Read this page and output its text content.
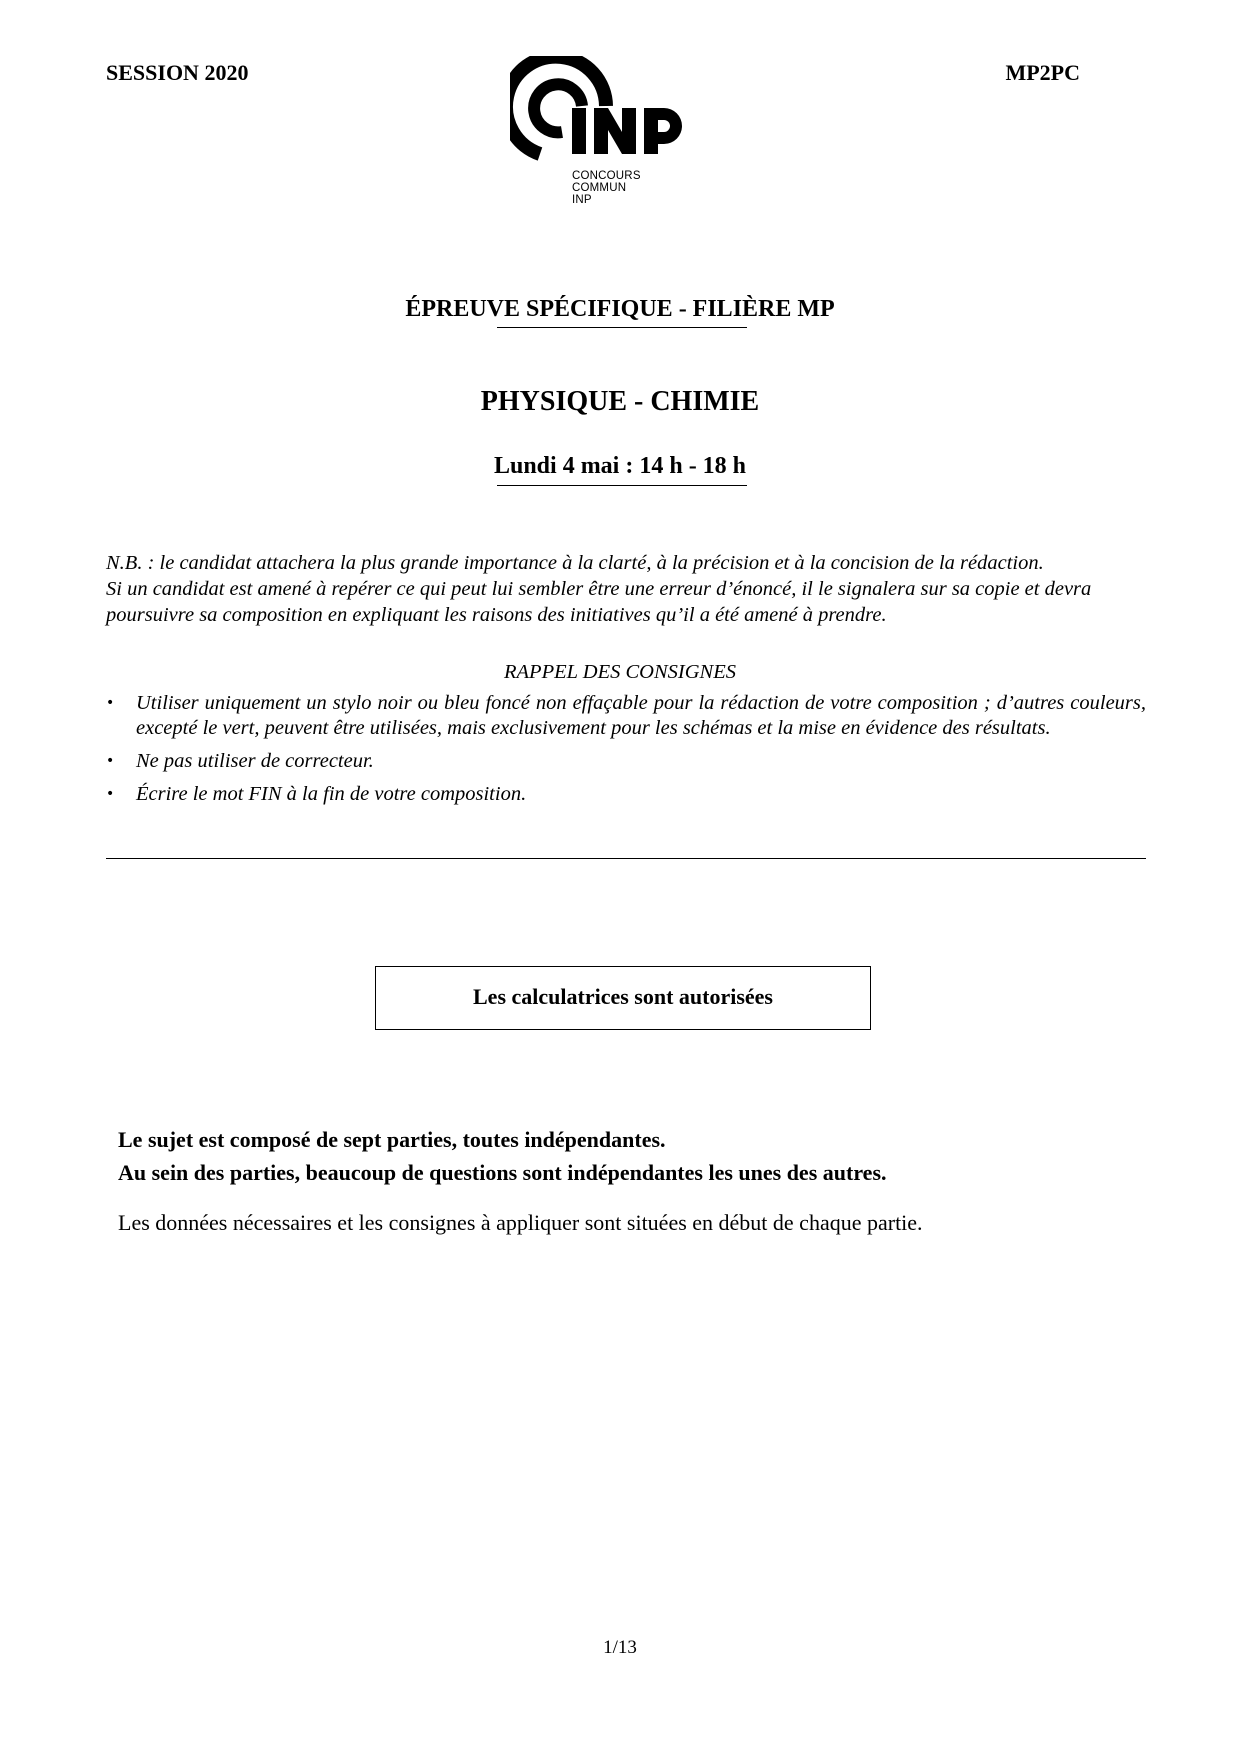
SESSION 2020	MP2PC
CONCOURS
COMMUN
INP
ÉPREUVE SPÉCIFIQUE - FILIÈRE MP
PHYSIQUE - CHIMIE
Lundi 4 mai : 14 h - 18 h

N.B. : le candidat attachera la plus grande importance à la clarté, à la précision et à la concision de la rédaction.

Si un candidat est amené à repérer ce qui peut lui sembler être une erreur d’énoncé, il le signalera sur sa copie et devra poursuivre sa composition en expliquant les raisons des initiatives qu’il a été amené à prendre.

RAPPEL DES CONSIGNES
• Utiliser uniquement un stylo noir ou bleu foncé non effaçable pour la rédaction de votre composition ; d’autres couleurs, excepté le vert, peuvent être utilisées, mais exclusivement pour les schémas et la mise en évidence des résultats.
• Ne pas utiliser de correcteur.
• Écrire le mot FIN à la fin de votre composition.
Les calculatrices sont autorisées
Le sujet est composé de sept parties, toutes indépendantes.
Au sein des parties, beaucoup de questions sont indépendantes les unes des autres.
Les données nécessaires et les consignes à appliquer sont situées en début de chaque partie.
1/13
